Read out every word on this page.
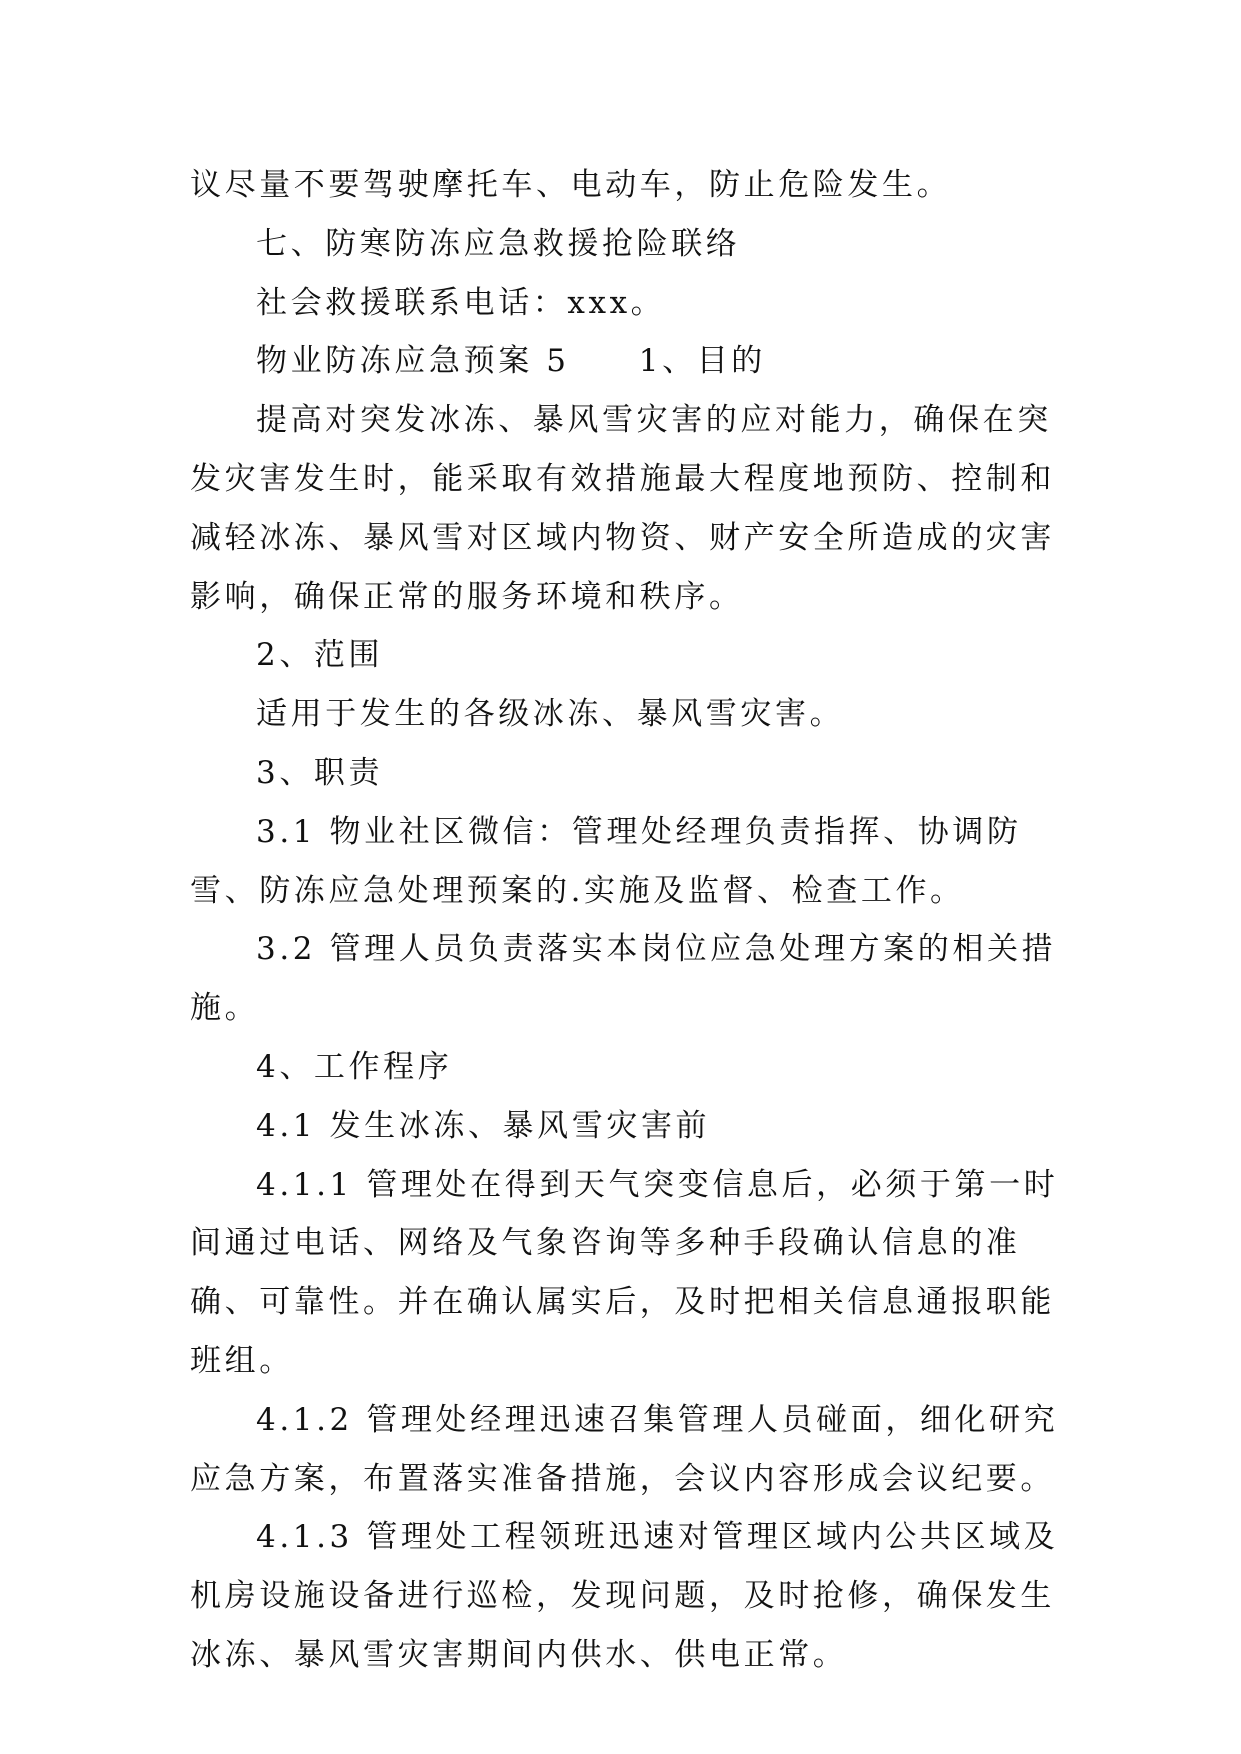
议尽量不要驾驶摩托车、电动车，防止危险发生。

七、防寒防冻应急救援抢险联络

社会救援联系电话：xxx。

物业防冻应急预案 5　　1、目的

提高对突发冰冻、暴风雪灾害的应对能力，确保在突发灾害发生时，能采取有效措施最大程度地预防、控制和减轻冰冻、暴风雪对区域内物资、财产安全所造成的灾害影响，确保正常的服务环境和秩序。

2、范围

适用于发生的各级冰冻、暴风雪灾害。

3、职责

3.1 物业社区微信：管理处经理负责指挥、协调防雪、防冻应急处理预案的.实施及监督、检查工作。

3.2 管理人员负责落实本岗位应急处理方案的相关措施。

4、工作程序

4.1 发生冰冻、暴风雪灾害前

4.1.1 管理处在得到天气突变信息后，必须于第一时间通过电话、网络及气象咨询等多种手段确认信息的准确、可靠性。并在确认属实后，及时把相关信息通报职能班组。

4.1.2 管理处经理迅速召集管理人员碰面，细化研究应急方案，布置落实准备措施，会议内容形成会议纪要。

4.1.3 管理处工程领班迅速对管理区域内公共区域及机房设施设备进行巡检，发现问题，及时抢修，确保发生冰冻、暴风雪灾害期间内供水、供电正常。
